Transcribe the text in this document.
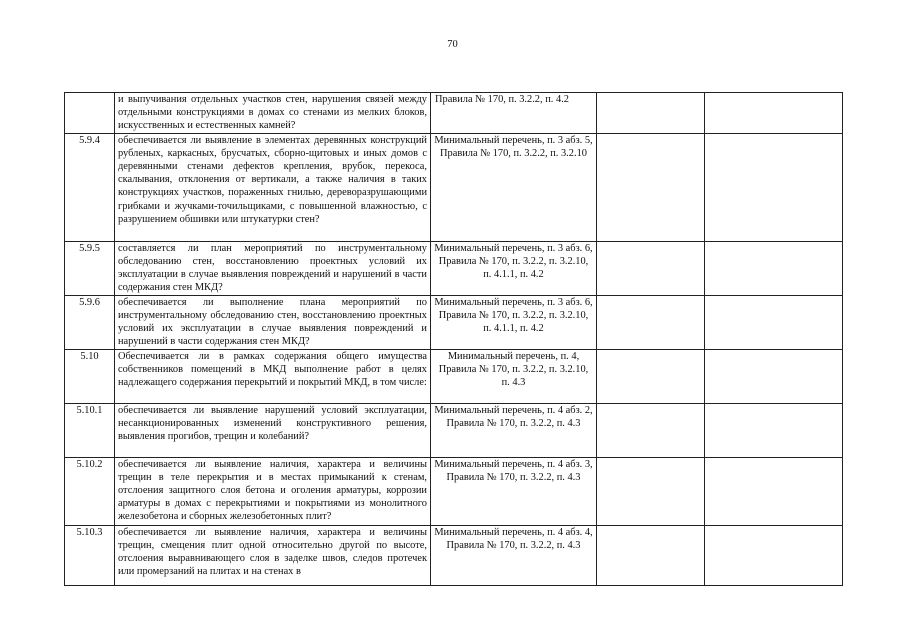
70
	и выпучивания отдельных участков стен, нарушения связей между отдельными конструкциями в домах со стенами из мелких блоков, искусственных и естественных камней?	Правила № 170, п. 3.2.2, п. 4.2		
5.9.4	обеспечивается ли выявление в элементах деревянных конструкций рубленых, каркасных, брусчатых, сборно-щитовых и иных домов с деревянными стенами дефектов крепления, врубок, перекоса, скалывания, отклонения от вертикали, а также наличия в таких конструкциях участков, пораженных гнилью, дереворазрушающими грибками и жучками-точильщиками, с повышенной влажностью, с разрушением обшивки или штукатурки стен?	Минимальный перечень, п. 3 абз. 5, Правила № 170, п. 3.2.2, п. 3.2.10		
5.9.5	составляется ли план мероприятий по инструментальному обследованию стен, восстановлению проектных условий их эксплуатации в случае выявления повреждений и нарушений в части содержания стен МКД?	Минимальный перечень, п. 3 абз. 6, Правила № 170, п. 3.2.2, п. 3.2.10, п. 4.1.1, п. 4.2		
5.9.6	обеспечивается ли выполнение плана мероприятий по инструментальному обследованию стен, восстановлению проектных условий их эксплуатации в случае выявления повреждений и нарушений в части содержания стен МКД?	Минимальный перечень, п. 3 абз. 6, Правила № 170, п. 3.2.2, п. 3.2.10, п. 4.1.1, п. 4.2		
5.10	Обеспечивается ли в рамках содержания общего имущества собственников помещений в МКД выполнение работ в целях надлежащего содержания перекрытий и покрытий МКД, в том числе:	Минимальный перечень, п. 4, Правила № 170, п. 3.2.2, п. 3.2.10, п. 4.3		
5.10.1	обеспечивается ли выявление нарушений условий эксплуатации, несанкционированных изменений конструктивного решения, выявления прогибов, трещин и колебаний?	Минимальный перечень, п. 4 абз. 2, Правила № 170, п. 3.2.2, п. 4.3		
5.10.2	обеспечивается ли выявление наличия, характера и величины трещин в теле перекрытия и в местах примыканий к стенам, отслоения защитного слоя бетона и оголения арматуры, коррозии арматуры в домах с перекрытиями и покрытиями из монолитного железобетона и сборных железобетонных плит?	Минимальный перечень, п. 4 абз. 3, Правила № 170, п. 3.2.2, п. 4.3		
5.10.3	обеспечивается ли выявление наличия, характера и величины трещин, смещения плит одной относительно другой по высоте, отслоения выравнивающего слоя в заделке швов, следов протечек или промерзаний на плитах и на стенах в	Минимальный перечень, п. 4 абз. 4, Правила № 170, п. 3.2.2, п. 4.3		
